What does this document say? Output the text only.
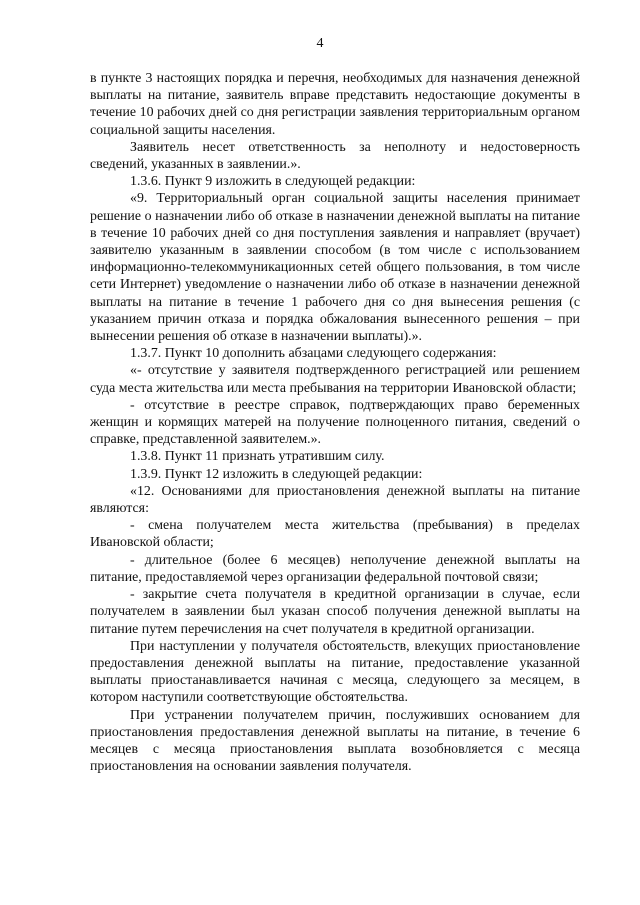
4

в пункте 3 настоящих порядка и перечня, необходимых для назначения денежной выплаты на питание, заявитель вправе представить недостающие документы в течение 10 рабочих дней со дня регистрации заявления территориальным органом социальной защиты населения.

Заявитель несет ответственность за неполноту и недостоверность сведений, указанных в заявлении.».

1.3.6. Пункт 9 изложить в следующей редакции:

«9. Территориальный орган социальной защиты населения принимает решение о назначении либо об отказе в назначении денежной выплаты на питание в течение 10 рабочих дней со дня поступления заявления и направляет (вручает) заявителю указанным в заявлении способом (в том числе с использованием информационно-телекоммуникационных сетей общего пользования, в том числе сети Интернет) уведомление о назначении либо об отказе в назначении денежной выплаты на питание в течение 1 рабочего дня со дня вынесения решения (с указанием причин отказа и порядка обжалования вынесенного решения – при вынесении решения об отказе в назначении выплаты).».

1.3.7. Пункт 10 дополнить абзацами следующего содержания:

«- отсутствие у заявителя подтвержденного регистрацией или решением суда места жительства или места пребывания на территории Ивановской области;

- отсутствие в реестре справок, подтверждающих право беременных женщин и кормящих матерей на получение полноценного питания, сведений о справке, представленной заявителем.».

1.3.8. Пункт 11 признать утратившим силу.

1.3.9. Пункт 12 изложить в следующей редакции:

«12. Основаниями для приостановления денежной выплаты на питание являются:

- смена получателем места жительства (пребывания) в пределах Ивановской области;

- длительное (более 6 месяцев) неполучение денежной выплаты на питание, предоставляемой через организации федеральной почтовой связи;

- закрытие счета получателя в кредитной организации в случае, если получателем в заявлении был указан способ получения денежной выплаты на питание путем перечисления на счет получателя в кредитной организации.

При наступлении у получателя обстоятельств, влекущих приостановление предоставления денежной выплаты на питание, предоставление указанной выплаты приостанавливается начиная с месяца, следующего за месяцем, в котором наступили соответствующие обстоятельства.

При устранении получателем причин, послуживших основанием для приостановления предоставления денежной выплаты на питание, в течение 6 месяцев с месяца приостановления выплата возобновляется с месяца приостановления на основании заявления получателя.
